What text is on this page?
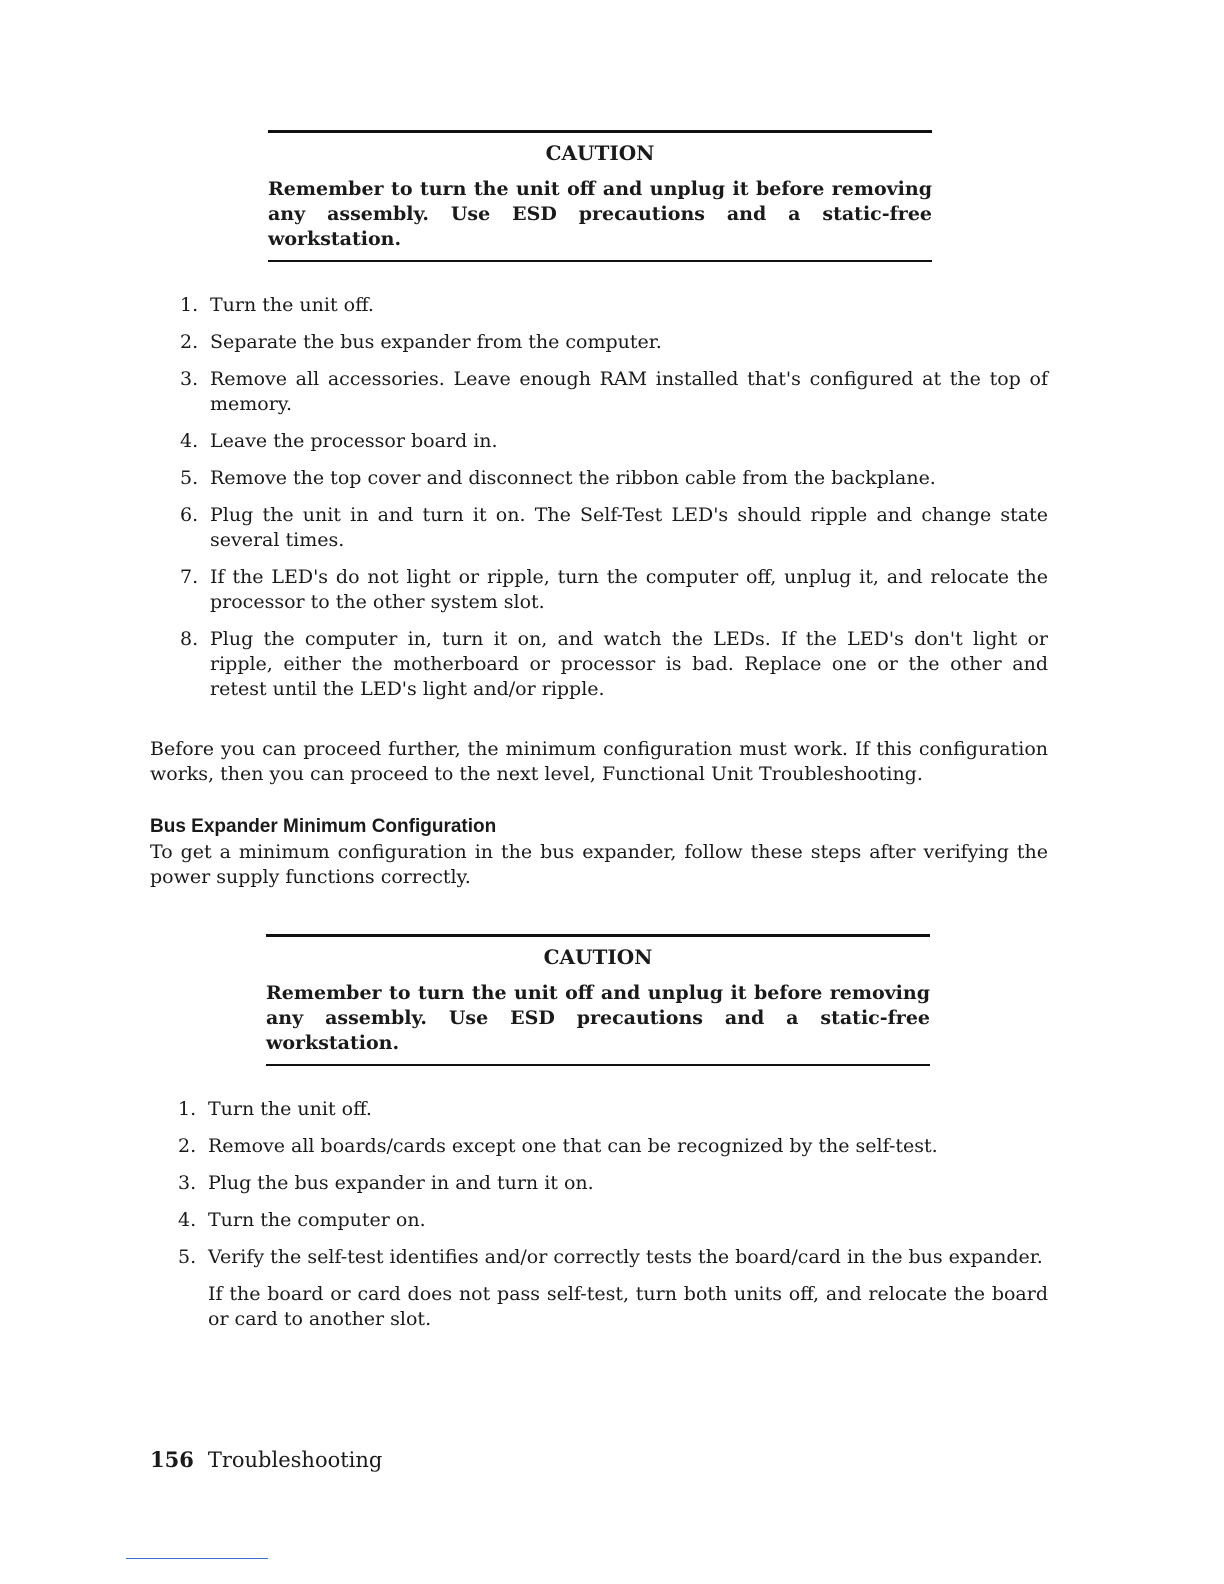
CAUTION
Remember to turn the unit off and unplug it before removing any assembly. Use ESD precautions and a static-free workstation.
1. Turn the unit off.
2. Separate the bus expander from the computer.
3. Remove all accessories. Leave enough RAM installed that's configured at the top of memory.
4. Leave the processor board in.
5. Remove the top cover and disconnect the ribbon cable from the backplane.
6. Plug the unit in and turn it on. The Self-Test LED's should ripple and change state several times.
7. If the LED's do not light or ripple, turn the computer off, unplug it, and relocate the processor to the other system slot.
8. Plug the computer in, turn it on, and watch the LEDs. If the LED's don't light or ripple, either the motherboard or processor is bad. Replace one or the other and retest until the LED's light and/or ripple.

Before you can proceed further, the minimum configuration must work. If this configuration works, then you can proceed to the next level, Functional Unit Troubleshooting.

Bus Expander Minimum Configuration

To get a minimum configuration in the bus expander, follow these steps after verifying the power supply functions correctly.

CAUTION
Remember to turn the unit off and unplug it before removing any assembly. Use ESD precautions and a static-free workstation.
1. Turn the unit off.
2. Remove all boards/cards except one that can be recognized by the self-test.
3. Plug the bus expander in and turn it on.
4. Turn the computer on.
5. Verify the self-test identifies and/or correctly tests the board/card in the bus expander.
If the board or card does not pass self-test, turn both units off, and relocate the board or card to another slot.
156 Troubleshooting
